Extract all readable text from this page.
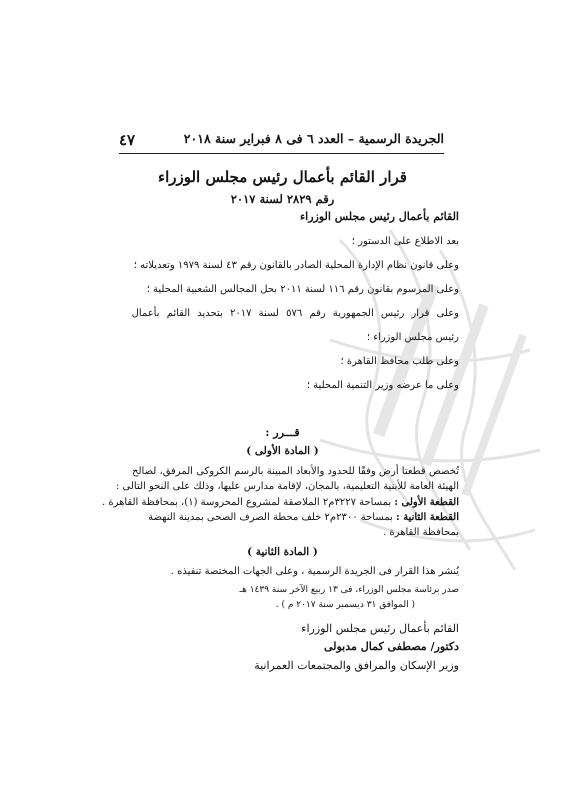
الجريدة الرسمية – العدد ٦ فى ٨ فبراير سنة ٢٠١٨
٤٧
قرار القائم بأعمال رئيس مجلس الوزراء
رقم ٢٨٢٩ لسنة ٢٠١٧
القائم بأعمال رئيس مجلس الوزراء
بعد الاطلاع على الدستور ؛
وعلى قانون نظام الإدارة المحلية الصادر بالقانون رقم ٤٣ لسنة ١٩٧٩ وتعديلاته ؛
وعلى المرسوم بقانون رقم ١١٦ لسنة ٢٠١١ بحل المجالس الشعبية المحلية ؛
وعلى قرار رئيس الجمهورية رقم ٥٧٦ لسنة ٢٠١٧ بتحديد القائم بأعمال
رئيس مجلس الوزراء ؛
وعلى طلب محافظ القاهرة ؛
وعلى ما عرضه وزير التنمية المحلية ؛
قـــرر :
( المادة الأولى )
تُخصص قطعتا أرض وفقًا للحدود والأبعاد المبينة بالرسم الكروكى المرفق، لصالح
الهيئة العامة للأبنية التعليمية، بالمجان، لإقامة مدارس عليها، وذلك على النحو التالى :
القطعة الأولى : بمساحة ٣٢٢٧م٢ الملاصقة لمشروع المحروسة (١)، بمحافظة القاهرة .
القطعة الثانية : بمساحة ٢٣٠٠م٢ خلف محطة الصرف الصحى بمدينة النهضة
بمحافظة القاهرة .
( المادة الثانية )
يُنشر هذا القرار فى الجريدة الرسمية ، وعلى الجهات المختصة تنفيذه .
صدر برئاسة مجلس الوزراء، فى ١٣ ربيع الآخر سنة ١٤٣٩ هـ
( الموافق ٣١ ديسمبر سنة ٢٠١٧ م ) .
القائم بأعمال رئيس مجلس الوزراء
دكتور/ مصطفى كمال مدبولى
وزير الإسكان والمرافق والمجتمعات العمرانية
